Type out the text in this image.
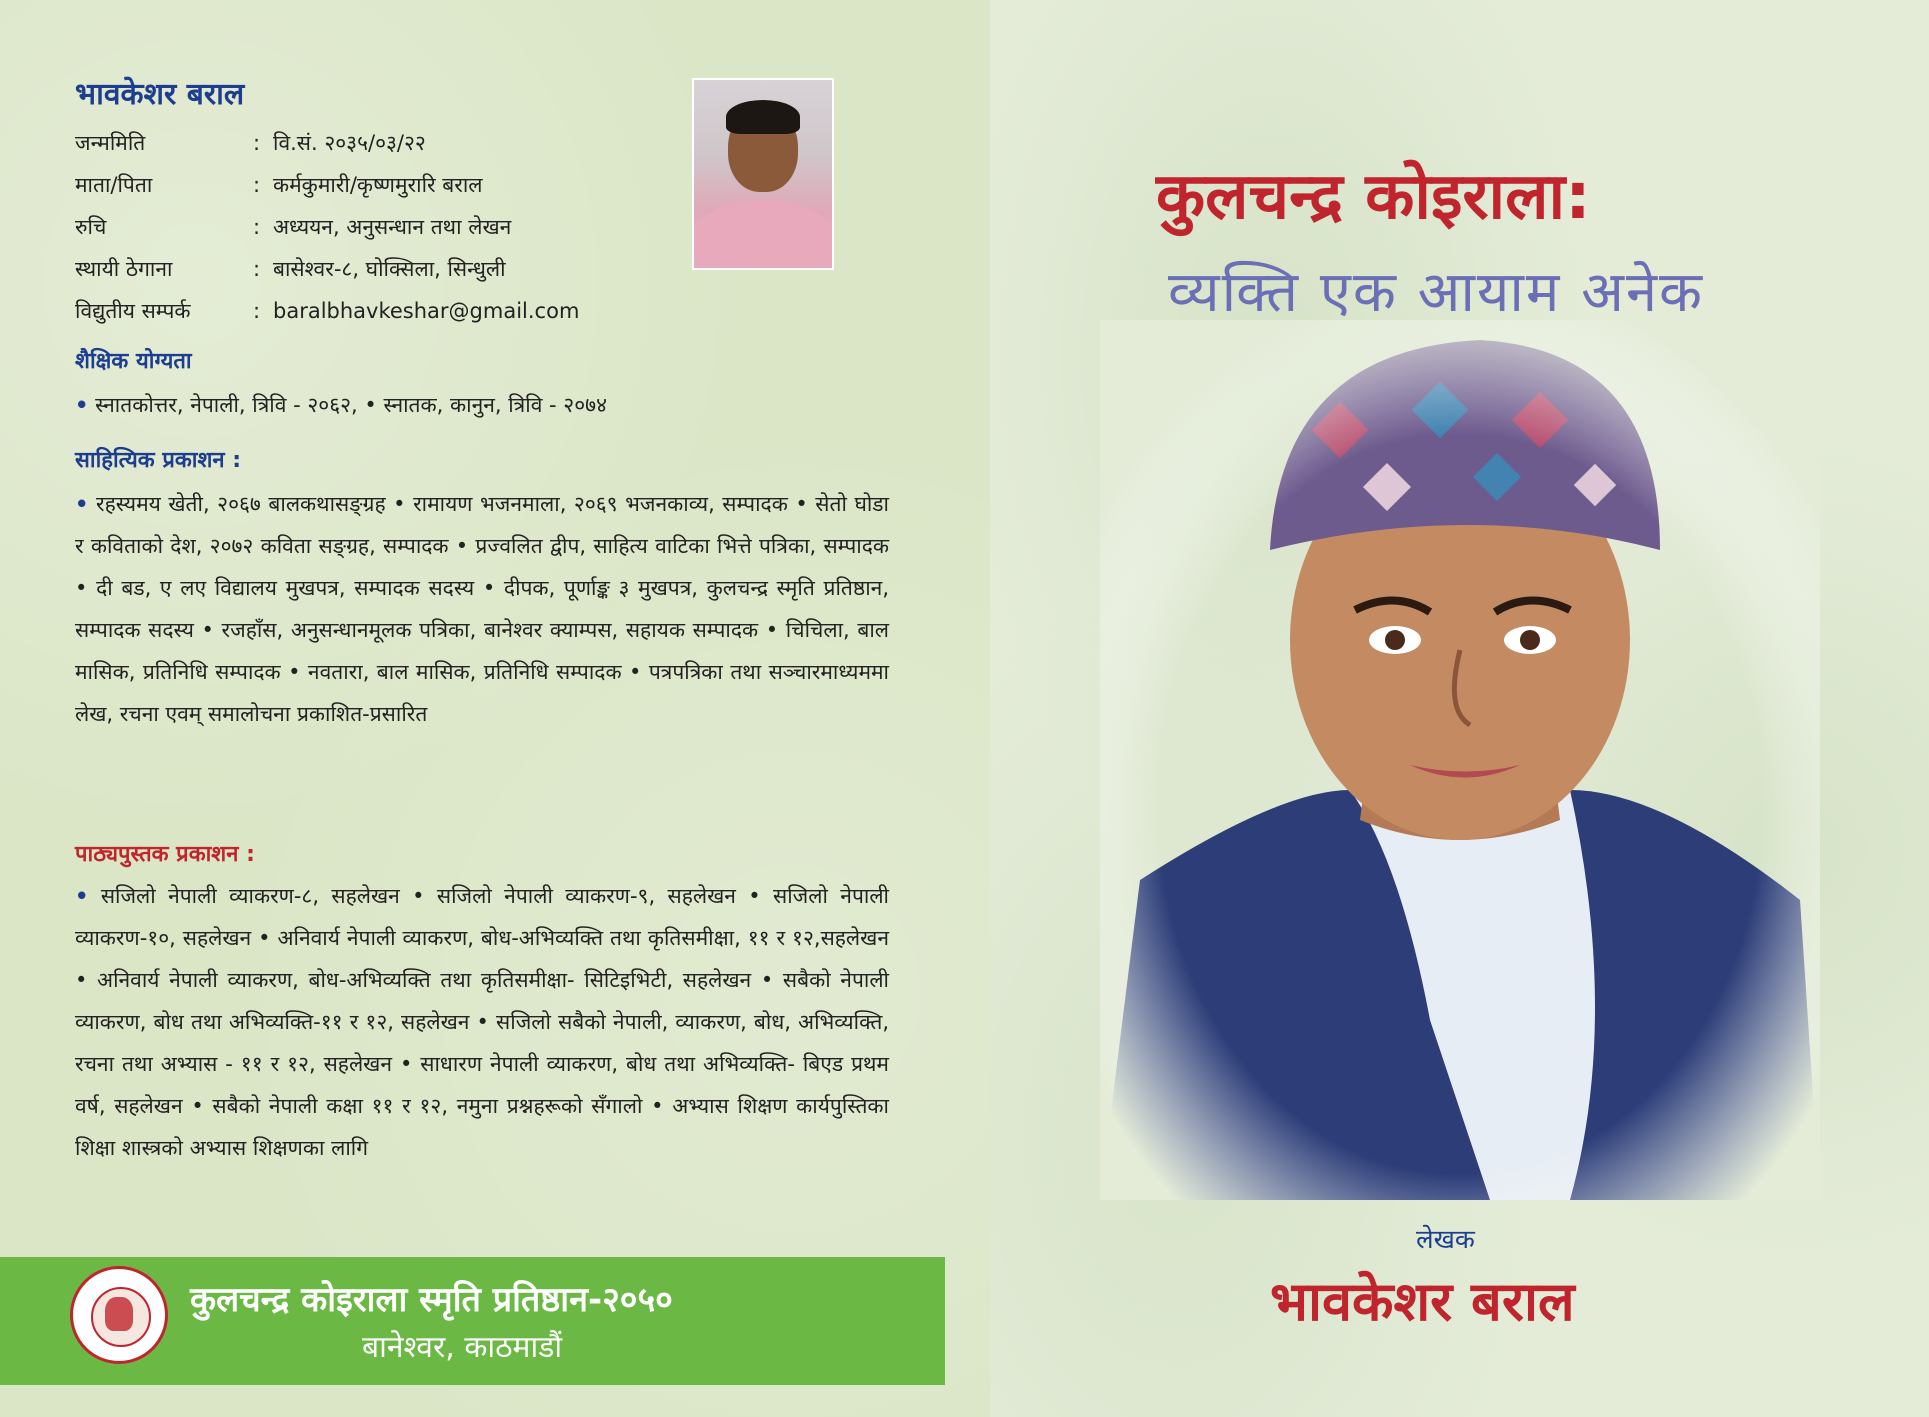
भावकेशर बराल
जन्ममिति	: वि.सं. २०३५/०३/२२
माता/पिता	: कर्मकुमारी/कृष्णमुरारि बराल
रुचि	: अध्ययन, अनुसन्धान तथा लेखन
स्थायी ठेगाना	: बासेश्वर-८, घोक्सिला, सिन्धुली
विद्युतीय सम्पर्क	: baralbhavkeshar@gmail.com
शैक्षिक योग्यता
• स्नातकोत्तर, नेपाली, त्रिवि - २०६२, • स्नातक, कानुन, त्रिवि - २०७४
साहित्यिक प्रकाशन :
• रहस्यमय खेती, २०६७ बालकथासङ्ग्रह • रामायण भजनमाला, २०६९ भजनकाव्य, सम्पादक • सेतो घोडा र कविताको देश, २०७२ कविता सङ्ग्रह, सम्पादक • प्रज्वलित द्वीप, साहित्य वाटिका भित्ते पत्रिका, सम्पादक • दी बड, ए लए विद्यालय मुखपत्र, सम्पादक सदस्य • दीपक, पूर्णाङ्क ३ मुखपत्र, कुलचन्द्र स्मृति प्रतिष्ठान, सम्पादक सदस्य • रजहाँस, अनुसन्धानमूलक पत्रिका, बानेश्वर क्याम्पस, सहायक सम्पादक • चिचिला, बाल मासिक, प्रतिनिधि सम्पादक • नवतारा, बाल मासिक, प्रतिनिधि सम्पादक • पत्रपत्रिका तथा सञ्चारमाध्यममा लेख, रचना एवम् समालोचना प्रकाशित-प्रसारित
पाठ्यपुस्तक प्रकाशन :
• सजिलो नेपाली व्याकरण-८, सहलेखन • सजिलो नेपाली व्याकरण-९, सहलेखन • सजिलो नेपाली व्याकरण-१०, सहलेखन • अनिवार्य नेपाली व्याकरण, बोध-अभिव्यक्ति तथा कृतिसमीक्षा, ११ र १२,सहलेखन • अनिवार्य नेपाली व्याकरण, बोध-अभिव्यक्ति तथा कृतिसमीक्षा- सिटिइभिटी, सहलेखन • सबैको नेपाली व्याकरण, बोध तथा अभिव्यक्ति-११ र १२, सहलेखन • सजिलो सबैको नेपाली, व्याकरण, बोध, अभिव्यक्ति, रचना तथा अभ्यास - ११ र १२, सहलेखन • साधारण नेपाली व्याकरण, बोध तथा अभिव्यक्ति- बिएड प्रथम वर्ष, सहलेखन • सबैको नेपाली कक्षा ११ र १२, नमुना प्रश्नहरूको सँगालो • अभ्यास शिक्षण कार्यपुस्तिका शिक्षा शास्त्रको अभ्यास शिक्षणका लागि
कुलचन्द्र कोइराला स्मृति प्रतिष्ठान-२०५०
बानेश्वर, काठमाडौं
कुलचन्द्र कोइराला:
व्यक्ति एक आयाम अनेक
लेखक
भावकेशर बराल
